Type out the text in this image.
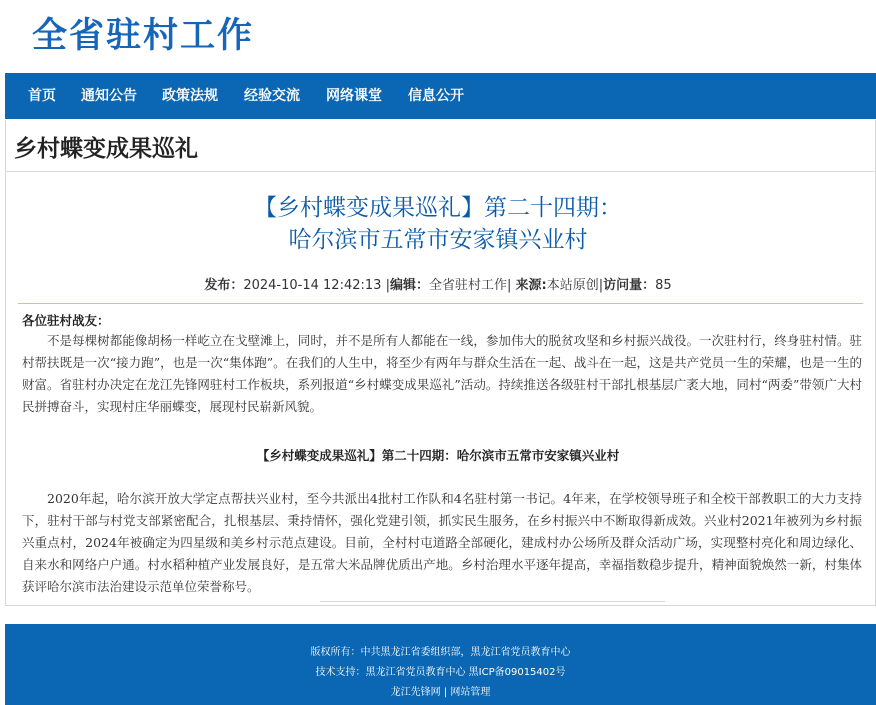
全省驻村工作
首页 通知公告 政策法规 经验交流 网络课堂 信息公开
乡村蝶变成果巡礼
【乡村蝶变成果巡礼】第二十四期：
哈尔滨市五常市安家镇兴业村
发布：2024-10-14 12:42:13 |编辑：全省驻村工作| 来源:本站原创|访问量：85
各位驻村战友：
不是每棵树都能像胡杨一样屹立在戈壁滩上，同时，并不是所有人都能在一线，参加伟大的脱贫攻坚和乡村振兴战役。一次驻村行，终身驻村情。驻村帮扶既是一次“接力跑”，也是一次“集体跑”。在我们的人生中，将至少有两年与群众生活在一起、战斗在一起，这是共产党员一生的荣耀，也是一生的财富。省驻村办决定在龙江先锋网驻村工作板块，系列报道“乡村蝶变成果巡礼”活动。持续推送各级驻村干部扎根基层广袤大地，同村“两委”带领广大村民拼搏奋斗，实现村庄华丽蝶变，展现村民崭新风貌。
【乡村蝶变成果巡礼】第二十四期：哈尔滨市五常市安家镇兴业村
2020年起，哈尔滨开放大学定点帮扶兴业村，至今共派出4批村工作队和4名驻村第一书记。4年来，在学校领导班子和全校干部教职工的大力支持下，驻村干部与村党支部紧密配合，扎根基层、秉持情怀，强化党建引领，抓实民生服务，在乡村振兴中不断取得新成效。兴业村2021年被列为乡村振兴重点村，2024年被确定为四星级和美乡村示范点建设。目前，全村村屯道路全部硬化，建成村办公场所及群众活动广场，实现整村亮化和周边绿化、自来水和网络户户通。村水稻种植产业发展良好，是五常大米品牌优质出产地。乡村治理水平逐年提高，幸福指数稳步提升，精神面貌焕然一新，村集体获评哈尔滨市法治建设示范单位荣誉称号。
版权所有：中共黑龙江省委组织部，黑龙江省党员教育中心
技术支持：黑龙江省党员教育中心 黑ICP备09015402号
龙江先锋网 | 网站管理
